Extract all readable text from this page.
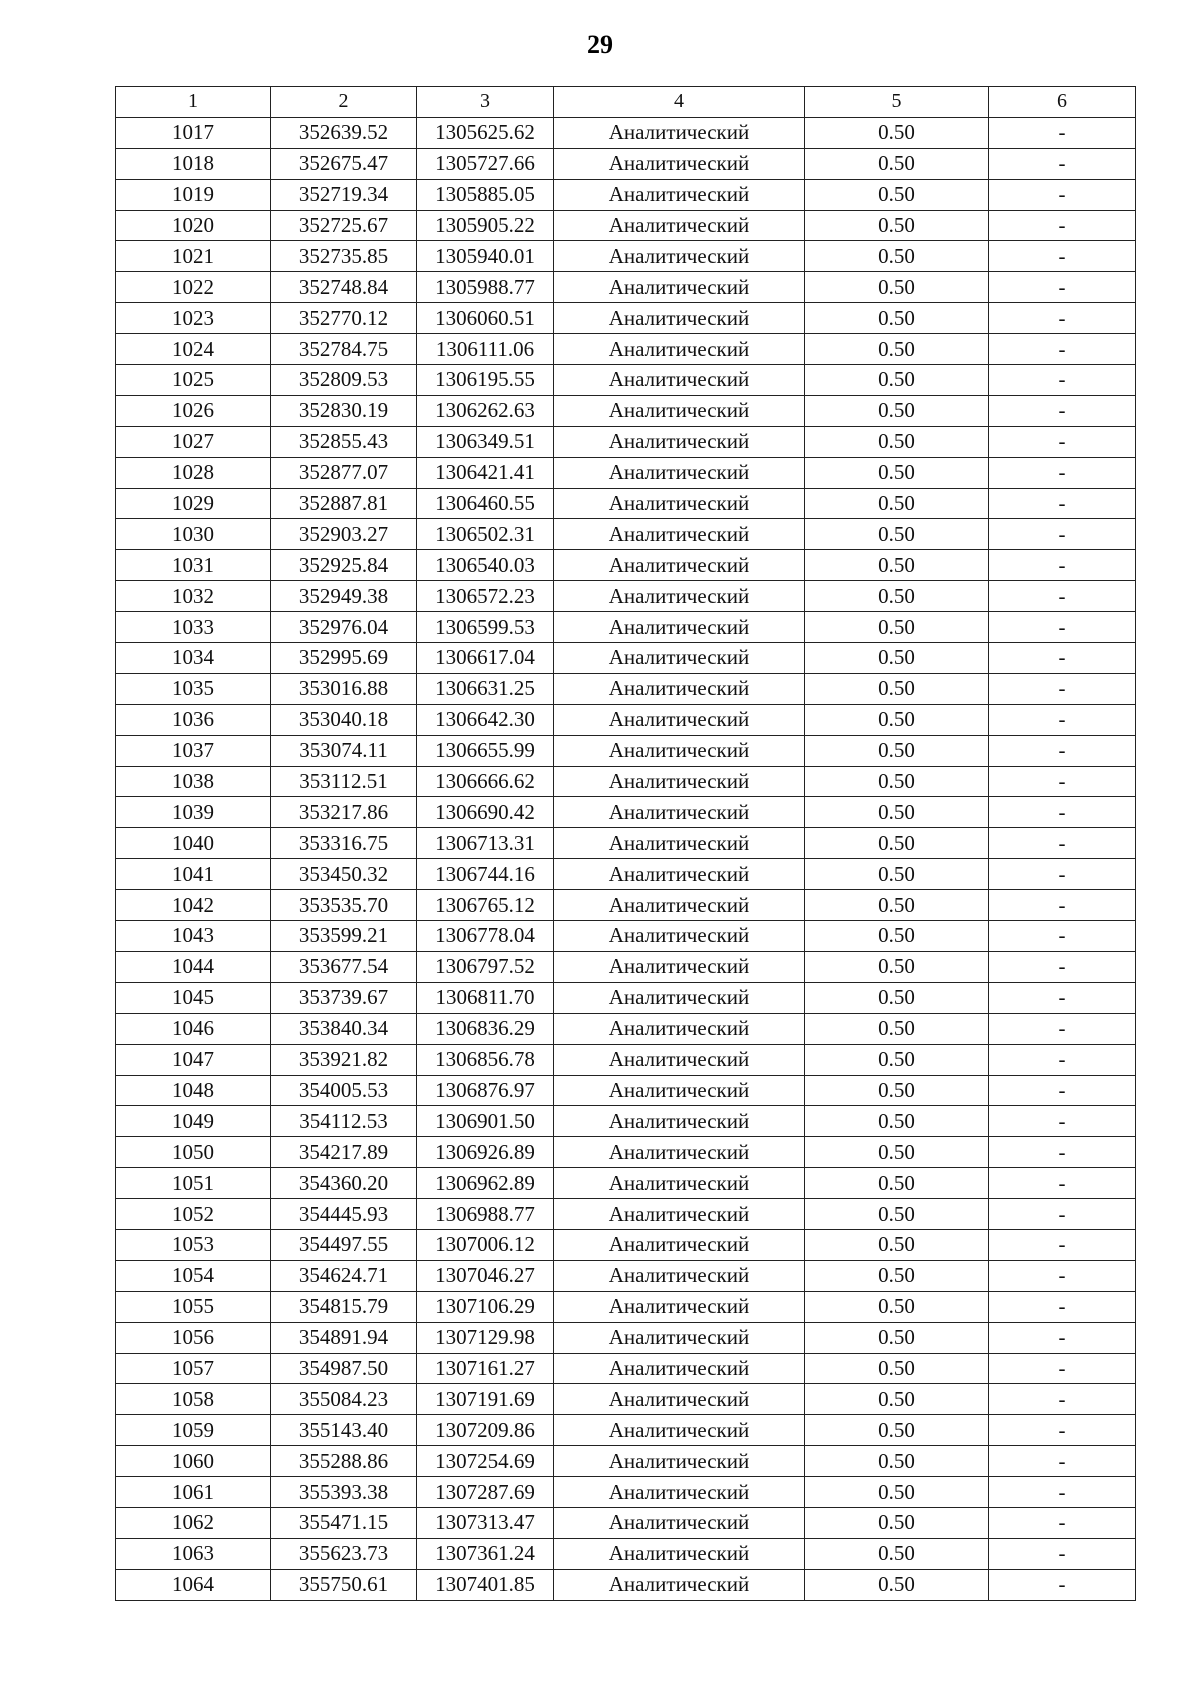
29
1	2	3	4	5	6
1017	352639.52	1305625.62	Аналитический	0.50	-
1018	352675.47	1305727.66	Аналитический	0.50	-
1019	352719.34	1305885.05	Аналитический	0.50	-
1020	352725.67	1305905.22	Аналитический	0.50	-
1021	352735.85	1305940.01	Аналитический	0.50	-
1022	352748.84	1305988.77	Аналитический	0.50	-
1023	352770.12	1306060.51	Аналитический	0.50	-
1024	352784.75	1306111.06	Аналитический	0.50	-
1025	352809.53	1306195.55	Аналитический	0.50	-
1026	352830.19	1306262.63	Аналитический	0.50	-
1027	352855.43	1306349.51	Аналитический	0.50	-
1028	352877.07	1306421.41	Аналитический	0.50	-
1029	352887.81	1306460.55	Аналитический	0.50	-
1030	352903.27	1306502.31	Аналитический	0.50	-
1031	352925.84	1306540.03	Аналитический	0.50	-
1032	352949.38	1306572.23	Аналитический	0.50	-
1033	352976.04	1306599.53	Аналитический	0.50	-
1034	352995.69	1306617.04	Аналитический	0.50	-
1035	353016.88	1306631.25	Аналитический	0.50	-
1036	353040.18	1306642.30	Аналитический	0.50	-
1037	353074.11	1306655.99	Аналитический	0.50	-
1038	353112.51	1306666.62	Аналитический	0.50	-
1039	353217.86	1306690.42	Аналитический	0.50	-
1040	353316.75	1306713.31	Аналитический	0.50	-
1041	353450.32	1306744.16	Аналитический	0.50	-
1042	353535.70	1306765.12	Аналитический	0.50	-
1043	353599.21	1306778.04	Аналитический	0.50	-
1044	353677.54	1306797.52	Аналитический	0.50	-
1045	353739.67	1306811.70	Аналитический	0.50	-
1046	353840.34	1306836.29	Аналитический	0.50	-
1047	353921.82	1306856.78	Аналитический	0.50	-
1048	354005.53	1306876.97	Аналитический	0.50	-
1049	354112.53	1306901.50	Аналитический	0.50	-
1050	354217.89	1306926.89	Аналитический	0.50	-
1051	354360.20	1306962.89	Аналитический	0.50	-
1052	354445.93	1306988.77	Аналитический	0.50	-
1053	354497.55	1307006.12	Аналитический	0.50	-
1054	354624.71	1307046.27	Аналитический	0.50	-
1055	354815.79	1307106.29	Аналитический	0.50	-
1056	354891.94	1307129.98	Аналитический	0.50	-
1057	354987.50	1307161.27	Аналитический	0.50	-
1058	355084.23	1307191.69	Аналитический	0.50	-
1059	355143.40	1307209.86	Аналитический	0.50	-
1060	355288.86	1307254.69	Аналитический	0.50	-
1061	355393.38	1307287.69	Аналитический	0.50	-
1062	355471.15	1307313.47	Аналитический	0.50	-
1063	355623.73	1307361.24	Аналитический	0.50	-
1064	355750.61	1307401.85	Аналитический	0.50	-
